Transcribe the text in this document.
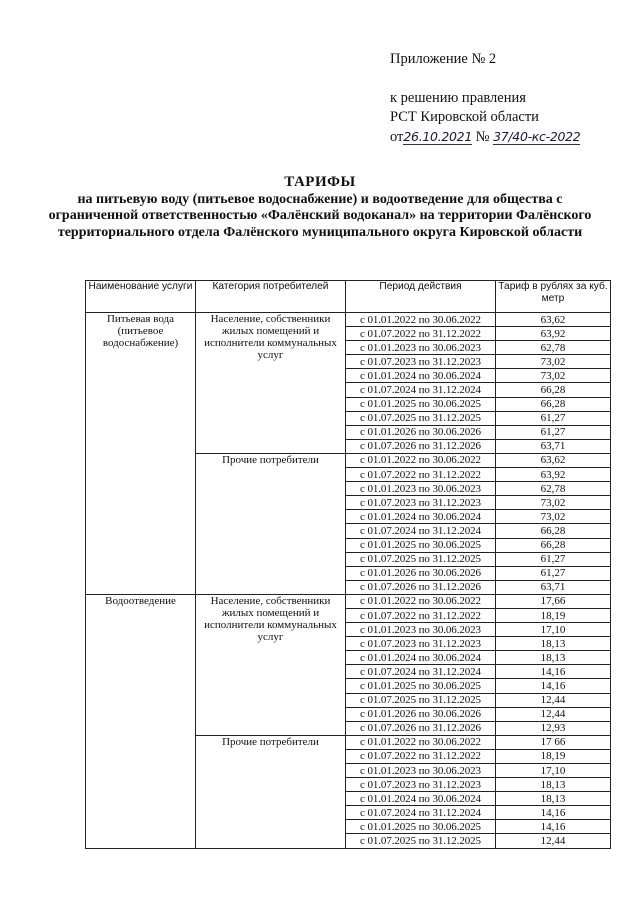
Приложение № 2
к решению правления
РСТ Кировской области
от26.10.2021 № 37/40-кс-2022
ТАРИФЫ
на питьевую воду (питьевое водоснабжение) и водоотведение для общества с ограниченной ответственностью «Фалёнский водоканал» на территории Фалёнского территориального отдела Фалёнского муниципального округа Кировской области
Наименование услуги	Категория потребителей	Период действия	Тариф в рублях за куб. метр
Питьевая вода (питьевое водоснабжение)	Население, собственники жилых помещений и исполнители коммунальных услуг	с 01.01.2022 по 30.06.2022	63,62
		с 01.07.2022 по 31.12.2022	63,92
		с 01.01.2023 по 30.06.2023	62,78
		с 01.07.2023 по 31.12.2023	73,02
		с 01.01.2024 по 30.06.2024	73,02
		с 01.07.2024 по 31.12.2024	66,28
		с 01.01.2025 по 30.06.2025	66,28
		с 01.07.2025 по 31.12.2025	61,27
		с 01.01.2026 по 30.06.2026	61,27
		с 01.07.2026 по 31.12.2026	63,71
	Прочие потребители	с 01.01.2022 по 30.06.2022	63,62
		с 01.07.2022 по 31.12.2022	63,92
		с 01.01.2023 по 30.06.2023	62,78
		с 01.07.2023 по 31.12.2023	73,02
		с 01.01.2024 по 30.06.2024	73,02
		с 01.07.2024 по 31.12.2024	66,28
		с 01.01.2025 по 30.06.2025	66,28
		с 01.07.2025 по 31.12.2025	61,27
		с 01.01.2026 по 30.06.2026	61,27
		с 01.07.2026 по 31.12.2026	63,71
Водоотведение	Население, собственники жилых помещений и исполнители коммунальных услуг	с 01.01.2022 по 30.06.2022	17,66
		с 01.07.2022 по 31.12.2022	18,19
		с 01.01.2023 по 30.06.2023	17,10
		с 01.07.2023 по 31.12.2023	18,13
		с 01.01.2024 по 30.06.2024	18,13
		с 01.07.2024 по 31.12.2024	14,16
		с 01.01.2025 по 30.06.2025	14,16
		с 01.07.2025 по 31.12.2025	12,44
		с 01.01.2026 по 30.06.2026	12,44
		с 01.07.2026 по 31.12.2026	12,93
	Прочие потребители	с 01.01.2022 по 30.06.2022	17 66
		с 01.07.2022 по 31.12.2022	18,19
		с 01.01.2023 по 30.06.2023	17,10
		с 01.07.2023 по 31.12.2023	18,13
		с 01.01.2024 по 30.06.2024	18,13
		с 01.07.2024 по 31.12.2024	14,16
		с 01.01.2025 по 30.06.2025	14,16
		с 01.07.2025 по 31.12.2025	12,44
